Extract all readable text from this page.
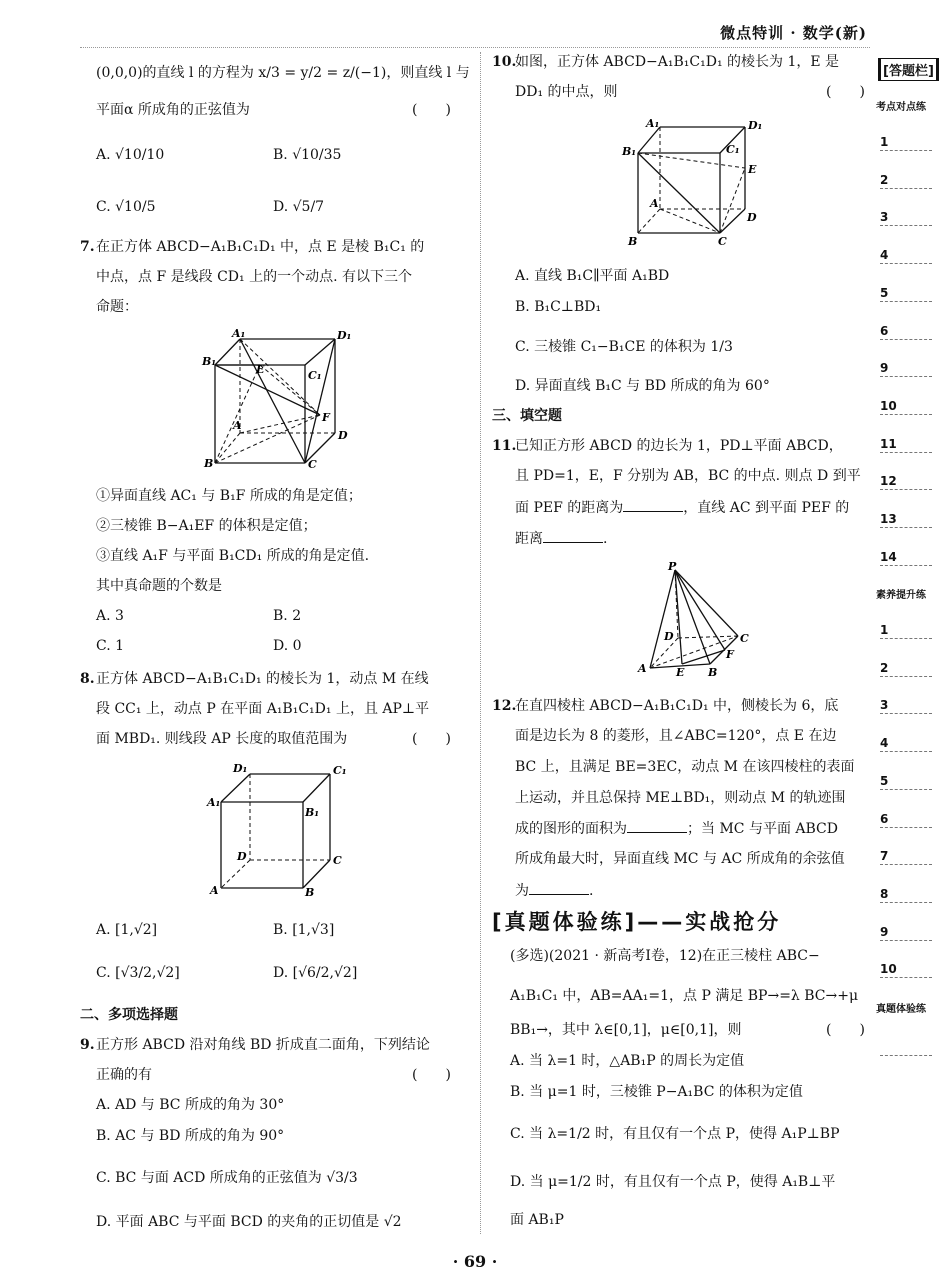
微点特训 · 数学(新)
(0,0,0)的直线 l 的方程为 x/3 = y/2 = z/(−1)，则直线 l 与
平面α 所成角的正弦值为	(　　)
A. √10/10	B. √10/35
C. √10/5	D. √5/7
7. 在正方体 ABCD−A₁B₁C₁D₁ 中，点 E 是棱 B₁C₁ 的
中点，点 F 是线段 CD₁ 上的一个动点. 有以下三个
命题：
A₁	D₁
B₁
E	C₁
F
A
D
B	C
①异面直线 AC₁ 与 B₁F 所成的角是定值；
②三棱锥 B−A₁EF 的体积是定值；
③直线 A₁F 与平面 B₁CD₁ 所成的角是定值.
其中真命题的个数是
A. 3	B. 2
C. 1	D. 0
8. 正方体 ABCD−A₁B₁C₁D₁ 的棱长为 1，动点 M 在线
段 CC₁ 上，动点 P 在平面 A₁B₁C₁D₁ 上，且 AP⊥平
面 MBD₁. 则线段 AP 长度的取值范围为	(　　)
D₁	C₁
A₁
B₁
D	C
A	B
A. [1,√2]	B. [1,√3]
C. [√3/2,√2]	D. [√6/2,√2]
二、多项选择题
9. 正方形 ABCD 沿对角线 BD 折成直二面角，下列结论
正确的有	(　　)
A. AD 与 BC 所成的角为 30°
B. AC 与 BD 所成的角为 90°
C. BC 与面 ACD 所成角的正弦值为 √3/3
D. 平面 ABC 与平面 BCD 的夹角的正切值是 √2
10.
如图，正方体 ABCD−A₁B₁C₁D₁ 的棱长为 1，E 是
DD₁ 的中点，则	(　　)
A₁	D₁
B₁	C₁
E
A
D
B	C
A. 直线 B₁C∥平面 A₁BD
B. B₁C⊥BD₁
C. 三棱锥 C₁−B₁CE 的体积为 1/3
D. 异面直线 B₁C 与 BD 所成的角为 60°
三、填空题
11.
已知正方形 ABCD 的边长为 1，PD⊥平面 ABCD，
且 PD=1，E，F 分别为 AB，BC 的中点. 则点 D 到平
面 PEF 的距离为	，直线 AC 到平面 PEF 的
距离	.
P
D	C
F
A	E B
12.
在直四棱柱 ABCD−A₁B₁C₁D₁ 中，侧棱长为 6，底
面是边长为 8 的菱形，且∠ABC=120°，点 E 在边
BC 上，且满足 BE=3EC，动点 M 在该四棱柱的表面
上运动，并且总保持 ME⊥BD₁，则动点 M 的轨迹围
成的图形的面积为	；当 MC 与平面 ABCD
所成角最大时，异面直线 MC 与 AC 所成角的余弦值
为	.
[真题体验练]——实战抢分
(多选)(2021 · 新高考Ⅰ卷，12)在正三棱柱 ABC−
A₁B₁C₁ 中，AB=AA₁=1，点 P 满足 BP→=λ BC→+μ
BB₁→，其中 λ∈[0,1]，μ∈[0,1]，则	(　　)
A. 当 λ=1 时，△AB₁P 的周长为定值
B. 当 μ=1 时，三棱锥 P−A₁BC 的体积为定值
C. 当 λ=1/2 时，有且仅有一个点 P，使得 A₁P⊥BP
D. 当 μ=1/2 时，有且仅有一个点 P，使得 A₁B⊥平
面 AB₁P
[答题栏]
考点对点练
1
2
3
4
5
6
9
10
11
12
13
14
素养提升练
1
2
3
4
5
6
7
8
9
10
真题体验练
· 69 ·
